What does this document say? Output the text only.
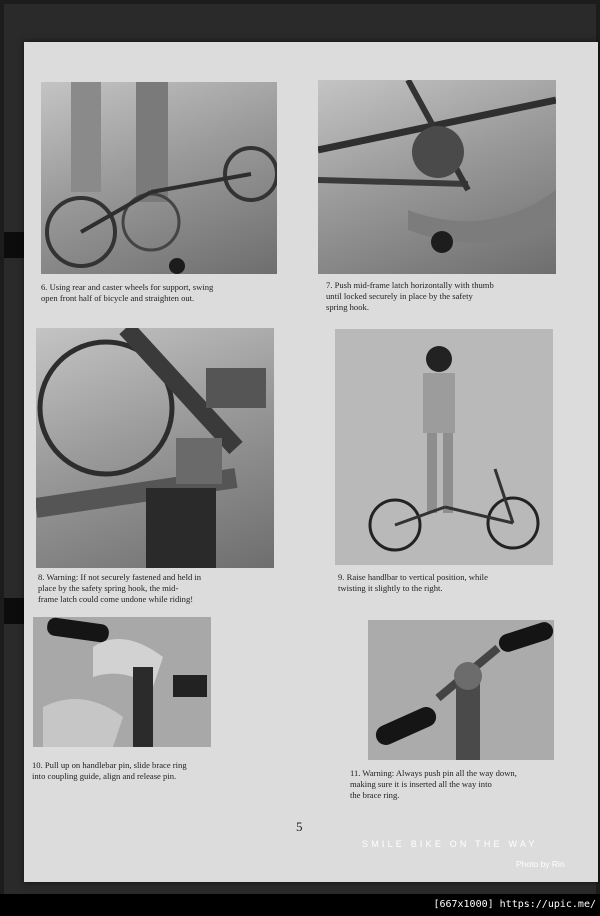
6. Using rear and caster wheels for support, swing
open front half of bicycle and straighten out.

7. Push mid-frame latch horizontally with thumb
until locked securely in place by the safety
spring hook.

8. Warning: If not securely fastened and held in
place by the safety spring hook, the mid-
frame latch could come undone while riding!

9. Raise handlbar to vertical position, while
twisting it slightly to the right.

10. Pull up on handlebar pin, slide brace ring
into coupling guide, align and release pin.	11. Warning: Always push pin all the way down,
making sure it is inserted all the way into
the brace ring.

5
SMILE BIKE ON THE WAY
Photo by Rin
[667x1000] https://upic.me/
